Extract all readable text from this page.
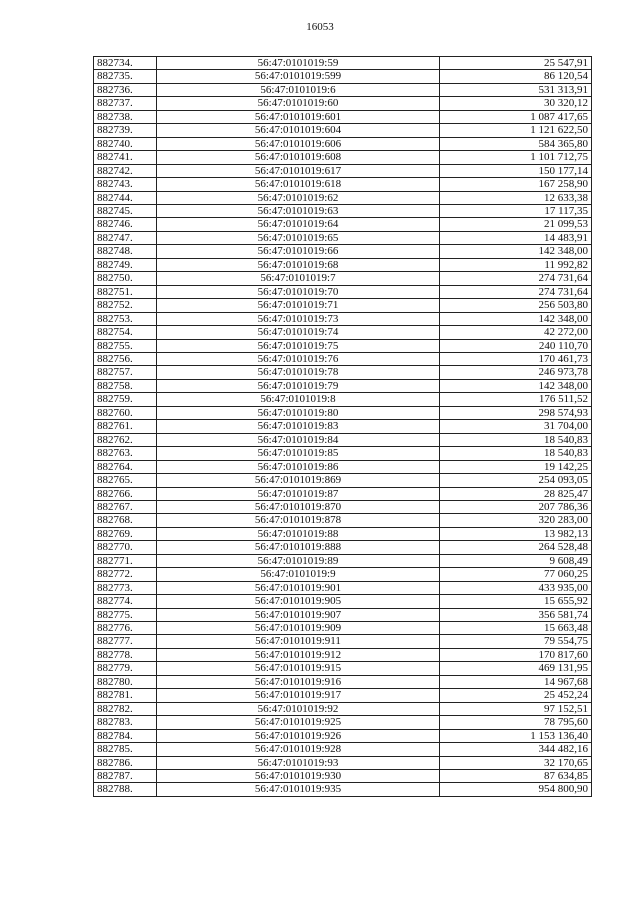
16053
882734.	56:47:0101019:59	25 547,91
882735.	56:47:0101019:599	86 120,54
882736.	56:47:0101019:6	531 313,91
882737.	56:47:0101019:60	30 320,12
882738.	56:47:0101019:601	1 087 417,65
882739.	56:47:0101019:604	1 121 622,50
882740.	56:47:0101019:606	584 365,80
882741.	56:47:0101019:608	1 101 712,75
882742.	56:47:0101019:617	150 177,14
882743.	56:47:0101019:618	167 258,90
882744.	56:47:0101019:62	12 633,38
882745.	56:47:0101019:63	17 117,35
882746.	56:47:0101019:64	21 099,53
882747.	56:47:0101019:65	14 483,91
882748.	56:47:0101019:66	142 348,00
882749.	56:47:0101019:68	11 992,82
882750.	56:47:0101019:7	274 731,64
882751.	56:47:0101019:70	274 731,64
882752.	56:47:0101019:71	256 503,80
882753.	56:47:0101019:73	142 348,00
882754.	56:47:0101019:74	42 272,00
882755.	56:47:0101019:75	240 110,70
882756.	56:47:0101019:76	170 461,73
882757.	56:47:0101019:78	246 973,78
882758.	56:47:0101019:79	142 348,00
882759.	56:47:0101019:8	176 511,52
882760.	56:47:0101019:80	298 574,93
882761.	56:47:0101019:83	31 704,00
882762.	56:47:0101019:84	18 540,83
882763.	56:47:0101019:85	18 540,83
882764.	56:47:0101019:86	19 142,25
882765.	56:47:0101019:869	254 093,05
882766.	56:47:0101019:87	28 825,47
882767.	56:47:0101019:870	207 786,36
882768.	56:47:0101019:878	320 283,00
882769.	56:47:0101019:88	13 982,13
882770.	56:47:0101019:888	264 528,48
882771.	56:47:0101019:89	9 608,49
882772.	56:47:0101019:9	77 060,25
882773.	56:47:0101019:901	433 935,00
882774.	56:47:0101019:905	15 655,92
882775.	56:47:0101019:907	356 581,74
882776.	56:47:0101019:909	15 663,48
882777.	56:47:0101019:911	79 554,75
882778.	56:47:0101019:912	170 817,60
882779.	56:47:0101019:915	469 131,95
882780.	56:47:0101019:916	14 967,68
882781.	56:47:0101019:917	25 452,24
882782.	56:47:0101019:92	97 152,51
882783.	56:47:0101019:925	78 795,60
882784.	56:47:0101019:926	1 153 136,40
882785.	56:47:0101019:928	344 482,16
882786.	56:47:0101019:93	32 170,65
882787.	56:47:0101019:930	87 634,85
882788.	56:47:0101019:935	954 800,90
